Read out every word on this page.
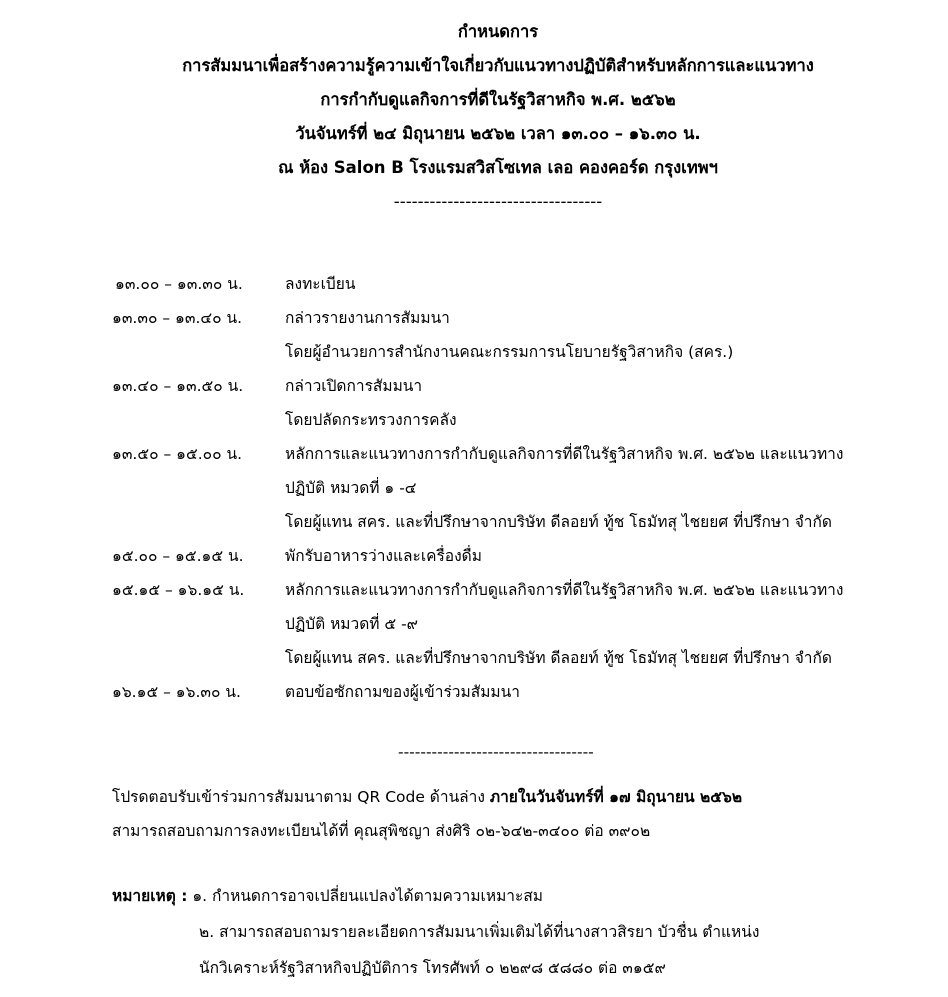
กำหนดการ
การสัมมนาเพื่อสร้างความรู้ความเข้าใจเกี่ยวกับแนวทางปฏิบัติสำหรับหลักการและแนวทาง
การกำกับดูแลกิจการที่ดีในรัฐวิสาหกิจ พ.ศ. ๒๕๖๒
วันจันทร์ที่ ๒๔ มิถุนายน ๒๕๖๒ เวลา ๑๓.๐๐ – ๑๖.๓๐ น.
ณ ห้อง Salon B โรงแรมสวิสโซเทล เลอ คองคอร์ด กรุงเทพฯ
-----------------------------------
๑๓.๐๐ – ๑๓.๓๐ น.	ลงทะเบียน
๑๓.๓๐ – ๑๓.๔๐ น.	กล่าวรายงานการสัมมนา
โดยผู้อำนวยการสำนักงานคณะกรรมการนโยบายรัฐวิสาหกิจ (สคร.)
๑๓.๔๐ – ๑๓.๕๐ น.	กล่าวเปิดการสัมมนา
โดยปลัดกระทรวงการคลัง
๑๓.๕๐ – ๑๕.๐๐ น.	หลักการและแนวทางการกำกับดูแลกิจการที่ดีในรัฐวิสาหกิจ พ.ศ. ๒๕๖๒ และแนวทาง
ปฏิบัติ หมวดที่ ๑ -๔
โดยผู้แทน สคร. และที่ปรึกษาจากบริษัท ดีลอยท์ ทู้ช โธมัทสุ ไชยยศ ที่ปรึกษา จำกัด
๑๕.๐๐ – ๑๕.๑๕ น.	พักรับอาหารว่างและเครื่องดื่ม
๑๕.๑๕ – ๑๖.๑๕ น.	หลักการและแนวทางการกำกับดูแลกิจการที่ดีในรัฐวิสาหกิจ พ.ศ. ๒๕๖๒ และแนวทาง
ปฏิบัติ หมวดที่ ๕ -๙
โดยผู้แทน สคร. และที่ปรึกษาจากบริษัท ดีลอยท์ ทู้ช โธมัทสุ ไชยยศ ที่ปรึกษา จำกัด
๑๖.๑๕ – ๑๖.๓๐ น.	ตอบข้อซักถามของผู้เข้าร่วมสัมมนา
-----------------------------------
โปรดตอบรับเข้าร่วมการสัมมนาตาม QR Code ด้านล่าง ภายในวันจันทร์ที่ ๑๗ มิถุนายน ๒๕๖๒
สามารถสอบถามการลงทะเบียนได้ที่ คุณสุพิชญา ส่งศิริ ๐๒-๖๔๒-๓๔๐๐ ต่อ ๓๙๐๒
หมายเหตุ : ๑. กำหนดการอาจเปลี่ยนแปลงได้ตามความเหมาะสม
๒. สามารถสอบถามรายละเอียดการสัมมนาเพิ่มเติมได้ที่นางสาวสิรยา บัวชื่น ตำแหน่ง
นักวิเคราะห์รัฐวิสาหกิจปฏิบัติการ โทรศัพท์ ๐ ๒๒๙๘ ๕๘๘๐ ต่อ ๓๑๕๙
